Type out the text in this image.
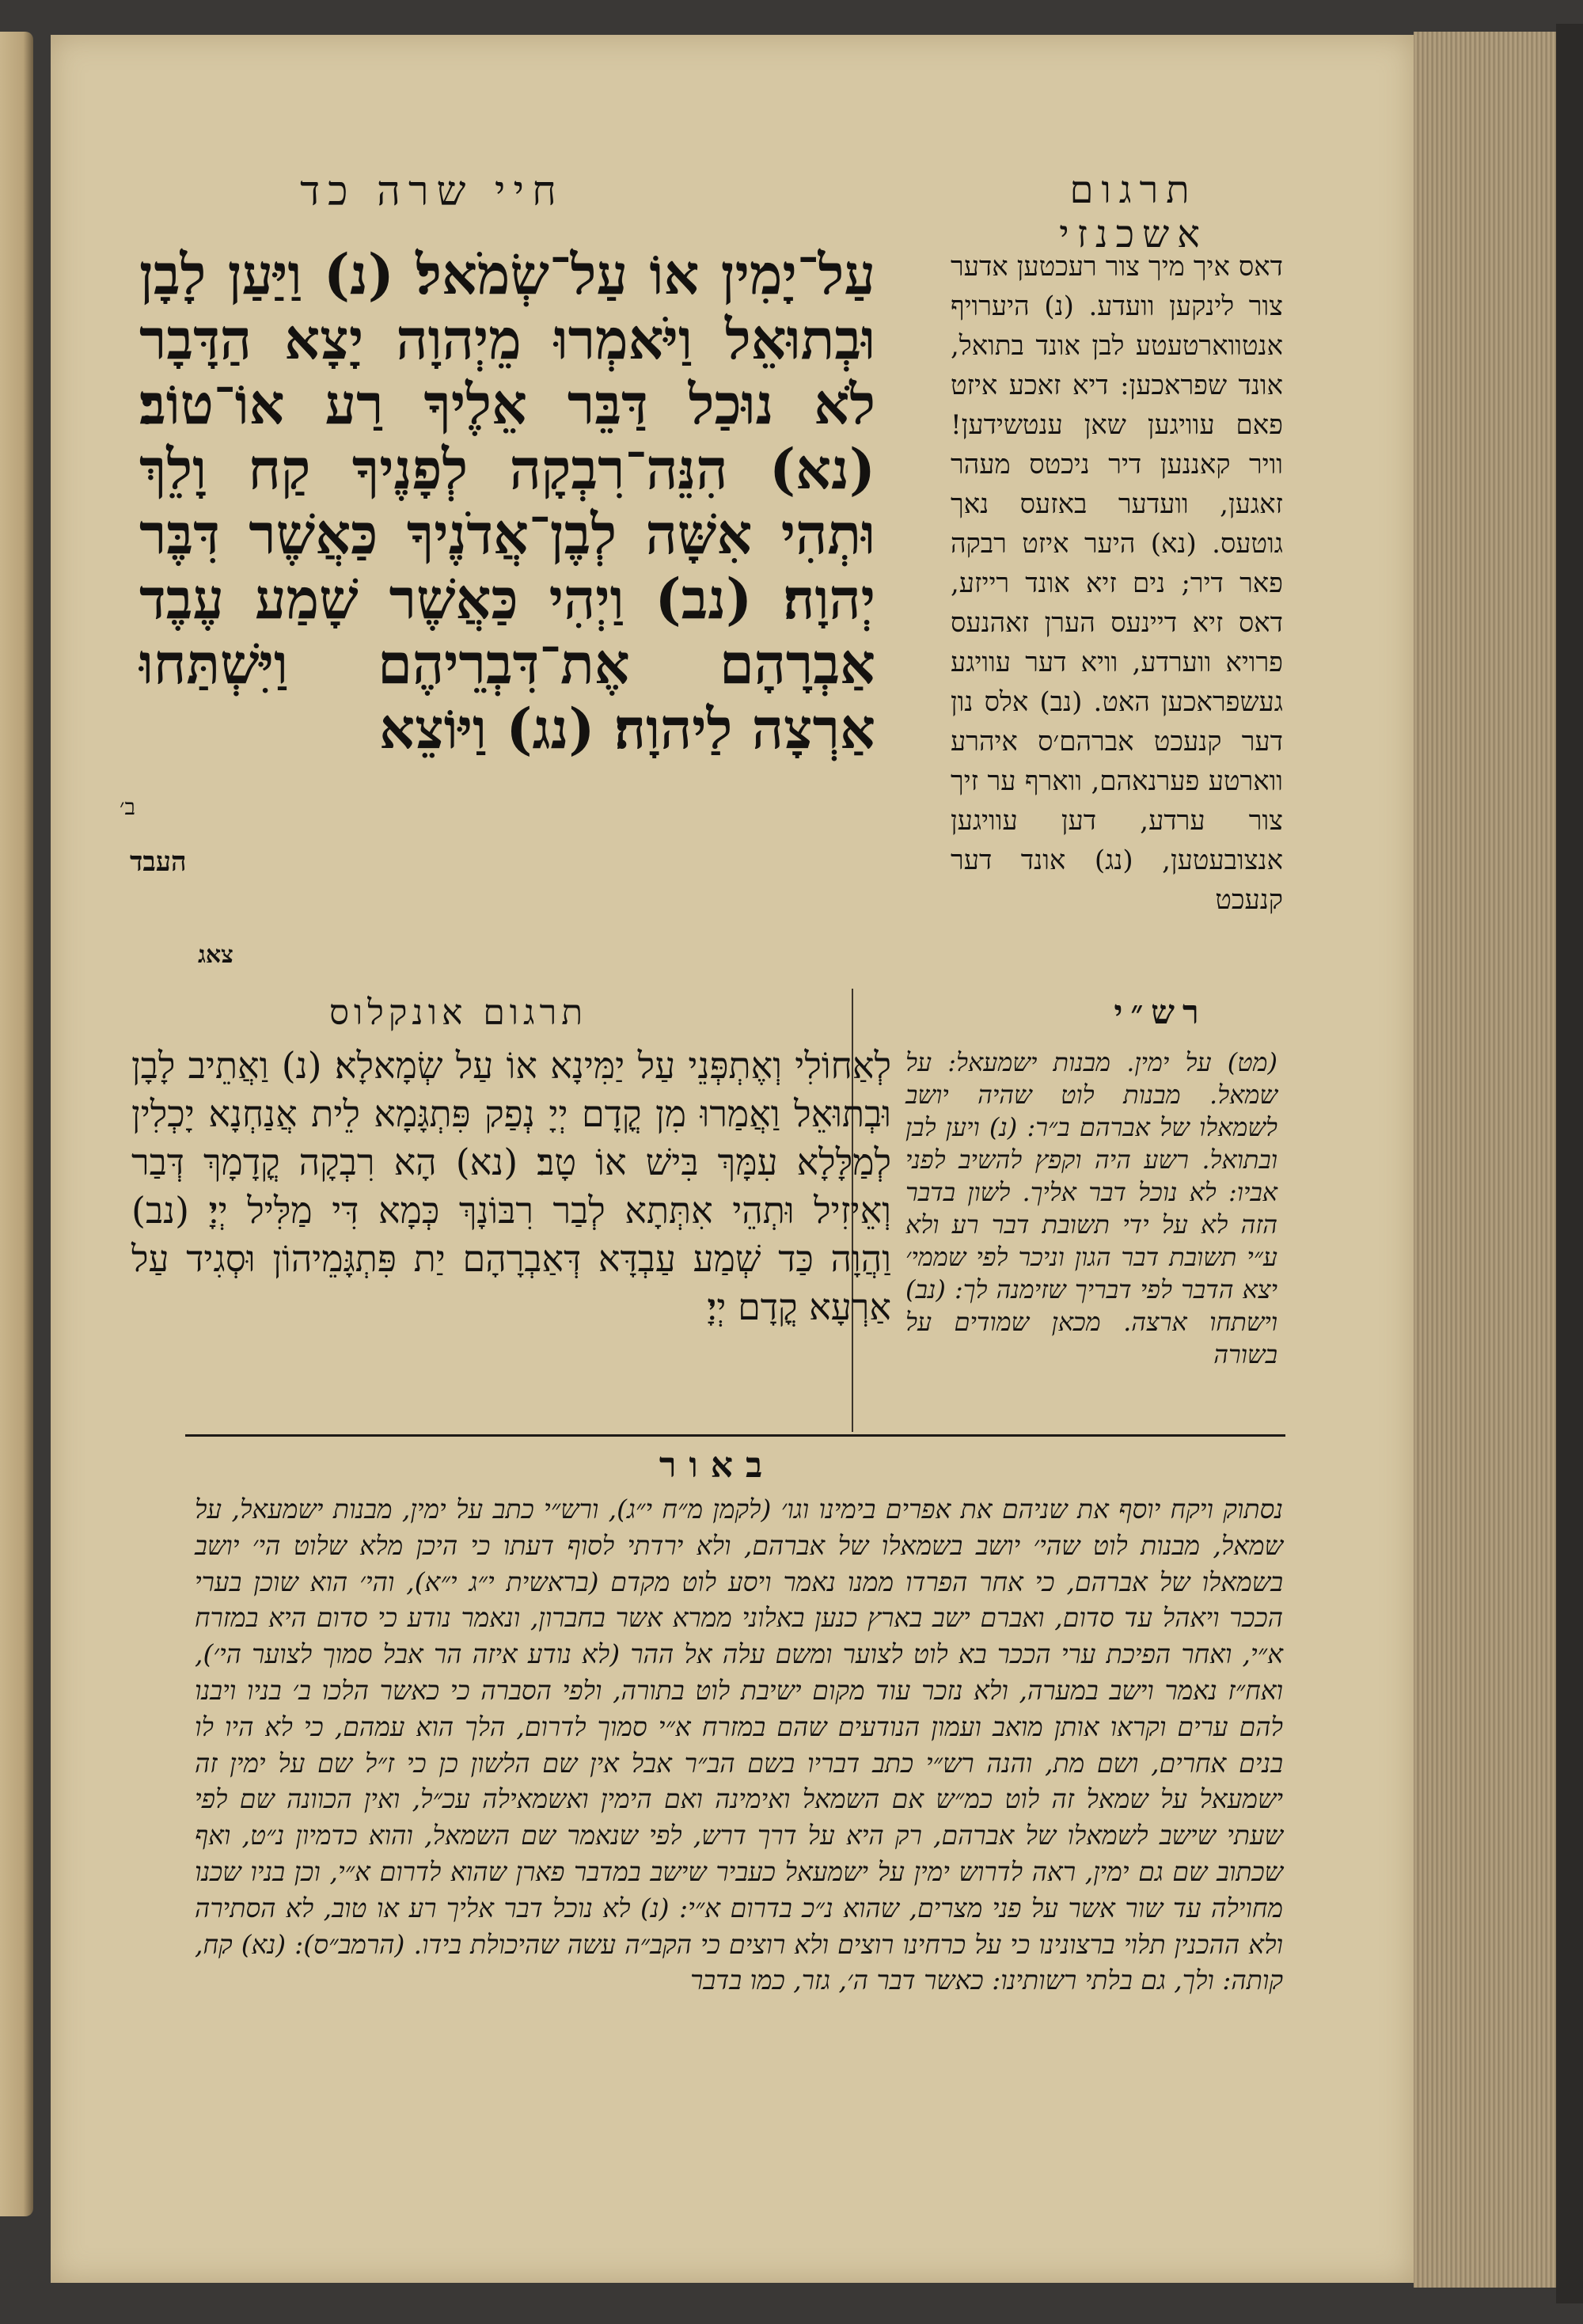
חיי שרה כד	תרגום אשכנזי
עַל־יָמִין אוֹ עַל־שְׂמֹאל׃ (נ) וַיַּעַן לָבָן וּבְתוּאֵל וַיֹּאמְרוּ מֵיְהוָה יָצָא הַדָּבָר לֹא נוּכַל דַּבֵּר אֵלֶיךָ רַע אוֹ־טוֹב׃ (נא) הִנֵּה־רִבְקָה לְפָנֶיךָ קַח וָלֵךְ וּתְהִי אִשָּׁה לְבֶן־אֲדֹנֶיךָ כַּאֲשֶׁר דִּבֶּר יְהוָה׃ (נב) וַיְהִי כַּאֲשֶׁר שָׁמַע עֶבֶד אַבְרָהָם אֶת־דִּבְרֵיהֶם וַיִּשְׁתַּחוּ אַרְצָה לַיהוָה׃ (נג) וַיּוֹצֵא
ב׳
העבד
דאס איך מיך צור רעכטען אדער צור לינקען וועדע. (נ) היערויף אנטווארטעטע לבן אונד בתואל, אונד שפראכען: דיא זאכע איזט פאם עוויגען שאן ענטשידען! וויר קאננען דיר ניכטס מעהר זאגען, וועדער באזעס נאך גוטעס. (נא) היער איזט רבקה פאר דיר; נים זיא אונד רייזע, דאס זיא דיינעס הערן זאהנעס פרויא ווערדע, וויא דער עוויגע געשפראכען האט. (נב) אלס נון דער קנעכט אברהם׳ס איהרע ווארטע פערנאהם, ווארף ער זיך צור ערדע, דען עוויגען אנצובעטען, (נג) אונד דער קנעכט
צאג
תרגום אונקלוס	רש״י
לְאַחוֹלִי וְאֶתְפְּנֵי עַל יַמִּינָא אוֹ עַל שְׂמָאלָא׃ (נ) וַאֲתֵיב לָבָן וּבְתוּאֵל וַאֲמַרוּ מִן קֳדָם יְיָ נְפַק פִּתְגָּמָא לֵית אֲנַחְנָא יָכְלִין לְמַלָּלָא עִמָּךְ בִּישׁ אוֹ טָב׃ (נא) הָא רִבְקָה קֳדָמָךְ דְּבַר וְאֵיזִיל וּתְהֵי אִתְּתָא לְבַר רִבּוֹנָךְ כְּמָא דִּי מַלִּיל יְיָ׃ (נב) וַהֲוָה כַּד שְׁמַע עַבְדָּא דְּאַבְרָהָם יַת פִּתְגָּמֵיהוֹן וּסְגִיד עַל אַרְעָא קֳדָם יְיָ׃
(מט) על ימין. מבנות ישמעאל: על שמאל. מבנות לוט שהיה יושב לשמאלו של אברהם ב״ר: (נ) ויען לבן ובתואל. רשע היה וקפץ להשיב לפני אביו: לא נוכל דבר אליך. לשון בדבר הזה לא על ידי תשובת דבר רע ולא ע״י תשובת דבר הגון וניכר לפי שממי׳ יצא הדבר לפי דבריך שזימנה לך: (נב) וישתחו ארצה. מכאן שמודים על בשורה
באור
נסתוק ויקח יוסף את שניהם את אפרים בימינו וגו׳ (לקמן מ״ח י״ג), ורש״י כתב על ימין, מבנות ישמעאל, על שמאל, מבנות לוט שהי׳ יושב בשמאלו של אברהם, ולא ירדתי לסוף דעתו כי היכן מלא שלוט הי׳ יושב בשמאלו של אברהם, כי אחר הפרדו ממנו נאמר ויסע לוט מקדם (בראשית י״ג י״א), והי׳ הוא שוכן בערי הככר ויאהל עד סדום, ואברם ישב בארץ כנען באלוני ממרא אשר בחברון, ונאמר נודע כי סדום היא במזרח א״י, ואחר הפיכת ערי הככר בא לוט לצוער ומשם עלה אל ההר (לא נודע איזה הר אבל סמוך לצוער הי׳), ואח״ז נאמר וישב במערה, ולא נזכר עוד מקום ישיבת לוט בתורה, ולפי הסברה כי כאשר הלכו ב׳ בניו ויבנו להם ערים וקראו אותן מואב ועמון הנודעים שהם במזרח א״י סמוך לדרום, הלך הוא עמהם, כי לא היו לו בנים אחרים, ושם מת, והנה רש״י כתב דבריו בשם הב״ר אבל אין שם הלשון כן כי ז״ל שם על ימין זה ישמעאל על שמאל זה לוט כמ״ש אם השמאל ואימינה ואם הימין ואשמאילה עכ״ל, ואין הכוונה שם לפי שעתי שישב לשמאלו של אברהם, רק היא על דרך דרש, לפי שנאמר שם השמאל, והוא כדמיון נ״ט, ואף שכתוב שם גם ימין, ראה לדרוש ימין על ישמעאל כעביר שישב במדבר פארן שהוא לדרום א״י, וכן בניו שכנו מחוילה עד שור אשר על פני מצרים, שהוא נ״כ בדרום א״י: (נ) לא נוכל דבר אליך רע או טוב, לא הסתירה ולא ההכנין תלוי ברצונינו כי על כרחינו רוצים ולא רוצים כי הקב״ה עשה שהיכולת בידו. (הרמב״ס): (נא) קח, קותה: ולך, גם בלתי רשותינו: כאשר דבר ה׳, גזר, כמו בדבר
